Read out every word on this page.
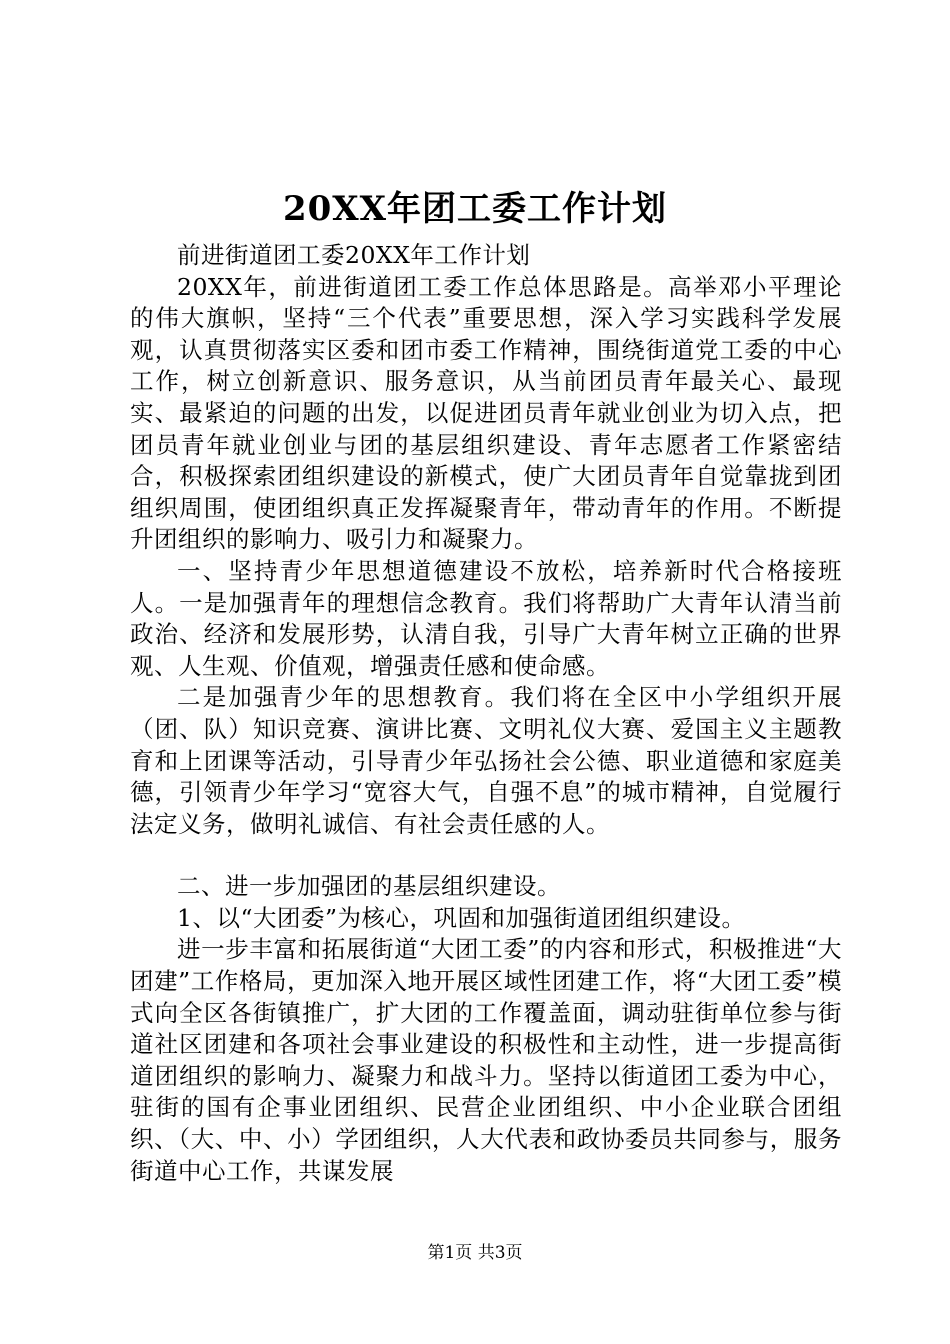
20XX年团工委工作计划

前进街道团工委20XX年工作计划

20XX年，前进街道团工委工作总体思路是。高举邓小平理论的伟大旗帜，坚持“三个代表”重要思想，深入学习实践科学发展观，认真贯彻落实区委和团市委工作精神，围绕街道党工委的中心工作，树立创新意识、服务意识，从当前团员青年最关心、最现实、最紧迫的问题的出发，以促进团员青年就业创业为切入点，把团员青年就业创业与团的基层组织建设、青年志愿者工作紧密结合，积极探索团组织建设的新模式，使广大团员青年自觉靠拢到团组织周围，使团组织真正发挥凝聚青年，带动青年的作用。不断提升团组织的影响力、吸引力和凝聚力。

一、坚持青少年思想道德建设不放松，培养新时代合格接班人。一是加强青年的理想信念教育。我们将帮助广大青年认清当前政治、经济和发展形势，认清自我，引导广大青年树立正确的世界观、人生观、价值观，增强责任感和使命感。

二是加强青少年的思想教育。我们将在全区中小学组织开展（团、队）知识竞赛、演讲比赛、文明礼仪大赛、爱国主义主题教育和上团课等活动，引导青少年弘扬社会公德、职业道德和家庭美德，引领青少年学习“宽容大气，自强不息”的城市精神，自觉履行法定义务，做明礼诚信、有社会责任感的人。

二、进一步加强团的基层组织建设。

1、以“大团委”为核心，巩固和加强街道团组织建设。

进一步丰富和拓展街道“大团工委”的内容和形式，积极推进“大团建”工作格局，更加深入地开展区域性团建工作，将“大团工委”模式向全区各街镇推广，扩大团的工作覆盖面，调动驻街单位参与街道社区团建和各项社会事业建设的积极性和主动性，进一步提高街道团组织的影响力、凝聚力和战斗力。坚持以街道团工委为中心，驻街的国有企事业团组织、民营企业团组织、中小企业联合团组织、（大、中、小）学团组织，人大代表和政协委员共同参与，服务街道中心工作，共谋发展

第1页 共3页
